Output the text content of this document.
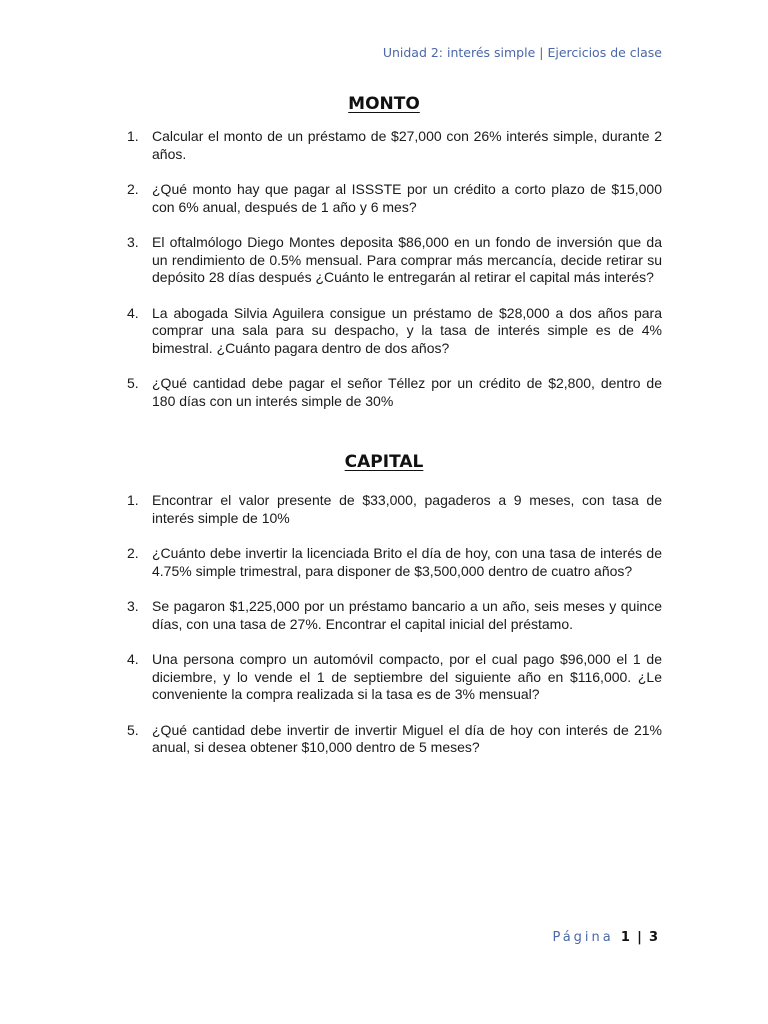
Unidad 2: interés simple | Ejercicios de clase
MONTO
1. Calcular el monto de un préstamo de $27,000 con 26% interés simple, durante 2 años.
2. ¿Qué monto hay que pagar al ISSSTE por un crédito a corto plazo de $15,000 con 6% anual, después de 1 año y 6 mes?
3. El oftalmólogo Diego Montes deposita $86,000 en un fondo de inversión que da un rendimiento de 0.5% mensual. Para comprar más mercancía, decide retirar su depósito 28 días después ¿Cuánto le entregarán al retirar el capital más interés?
4. La abogada Silvia Aguilera consigue un préstamo de $28,000 a dos años para comprar una sala para su despacho, y la tasa de interés simple es de 4% bimestral. ¿Cuánto pagara dentro de dos años?
5. ¿Qué cantidad debe pagar el señor Téllez por un crédito de $2,800, dentro de 180 días con un interés simple de 30%
CAPITAL
1. Encontrar el valor presente de $33,000, pagaderos a 9 meses, con tasa de interés simple de 10%
2. ¿Cuánto debe invertir la licenciada Brito el día de hoy, con una tasa de interés de 4.75% simple trimestral, para disponer de $3,500,000 dentro de cuatro años?
3. Se pagaron $1,225,000 por un préstamo bancario a un año, seis meses y quince días, con una tasa de 27%. Encontrar el capital inicial del préstamo.
4. Una persona compro un automóvil compacto, por el cual pago $96,000 el 1 de diciembre, y lo vende el 1 de septiembre del siguiente año en $116,000. ¿Le conveniente la compra realizada si la tasa es de 3% mensual?
5. ¿Qué cantidad debe invertir de invertir Miguel el día de hoy con interés de 21% anual, si desea obtener $10,000 dentro de 5 meses?
Página 1 | 3
